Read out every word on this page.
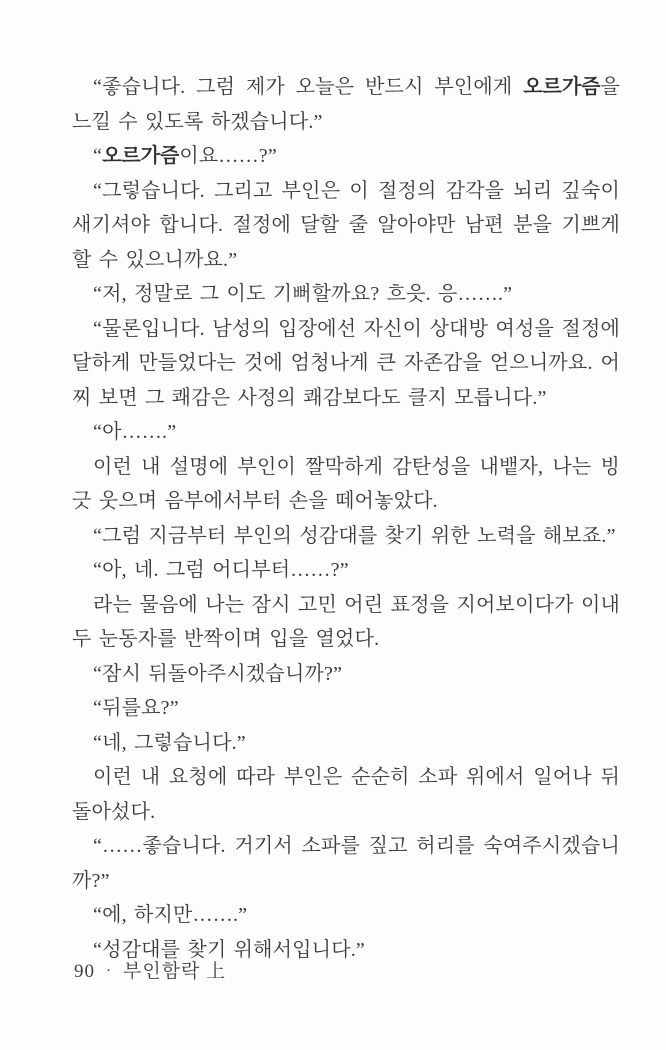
“좋습니다. 그럼 제가 오늘은 반드시 부인에게 오르가즘을 느낄 수 있도록 하겠습니다.”

“오르가즘이요……?”

“그렇습니다. 그리고 부인은 이 절정의 감각을 뇌리 깊숙이 새기셔야 합니다. 절정에 달할 줄 알아야만 남편 분을 기쁘게 할 수 있으니까요.”

“저, 정말로 그 이도 기뻐할까요? 흐읏. 응…….”

“물론입니다. 남성의 입장에선 자신이 상대방 여성을 절정에 달하게 만들었다는 것에 엄청나게 큰 자존감을 얻으니까요. 어찌 보면 그 쾌감은 사정의 쾌감보다도 클지 모릅니다.”

“아…….”

이런 내 설명에 부인이 짤막하게 감탄성을 내뱉자, 나는 빙긋 웃으며 음부에서부터 손을 떼어놓았다.

“그럼 지금부터 부인의 성감대를 찾기 위한 노력을 해보죠.”

“아, 네. 그럼 어디부터……?”

라는 물음에 나는 잠시 고민 어린 표정을 지어보이다가 이내 두 눈동자를 반짝이며 입을 열었다.

“잠시 뒤돌아주시겠습니까?”

“뒤를요?”

“네, 그렇습니다.”

이런 내 요청에 따라 부인은 순순히 소파 위에서 일어나 뒤돌아섰다.

“……좋습니다. 거기서 소파를 짚고 허리를 숙여주시겠습니까?”

“에, 하지만…….”

“성감대를 찾기 위해서입니다.”

90 · 부인함락 上
